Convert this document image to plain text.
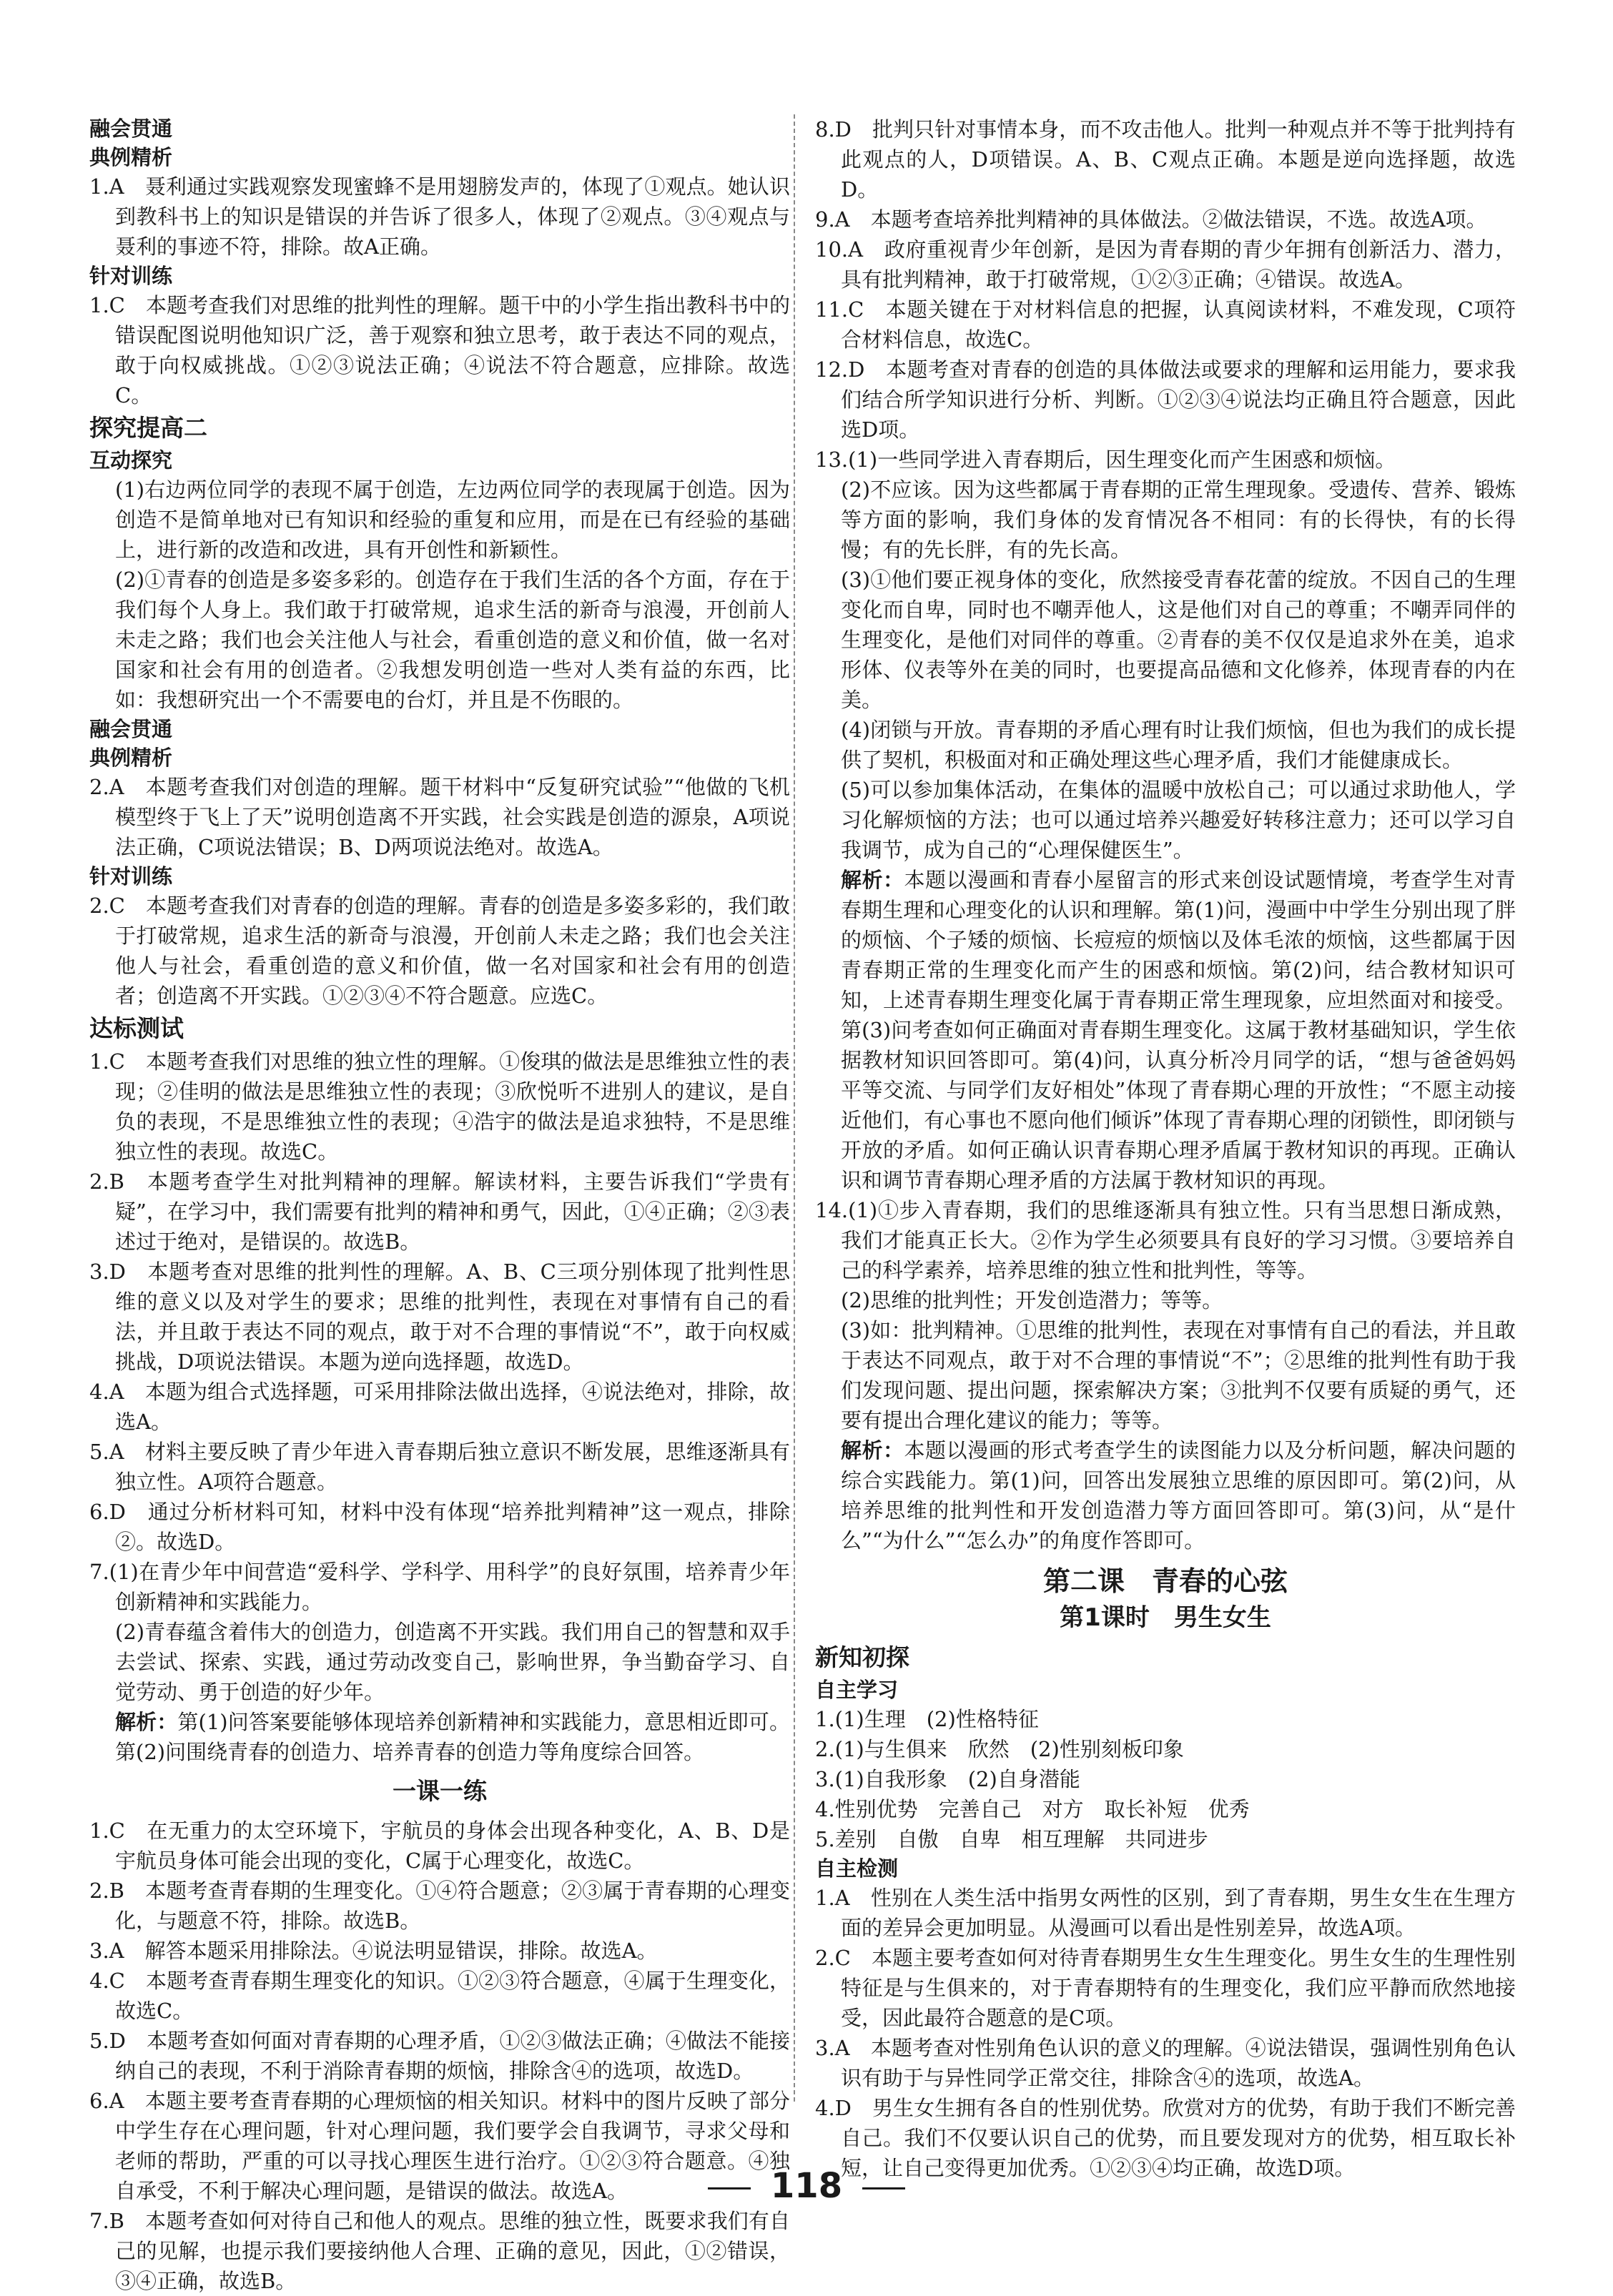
融会贯通

典例精析

1.A　聂利通过实践观察发现蜜蜂不是用翅膀发声的，体现了①观点。她认识到教科书上的知识是错误的并告诉了很多人，体现了②观点。③④观点与聂利的事迹不符，排除。故A正确。

针对训练

1.C　本题考查我们对思维的批判性的理解。题干中的小学生指出教科书中的错误配图说明他知识广泛，善于观察和独立思考，敢于表达不同的观点，敢于向权威挑战。①②③说法正确；④说法不符合题意，应排除。故选C。

探究提高二

互动探究

(1)右边两位同学的表现不属于创造，左边两位同学的表现属于创造。因为创造不是简单地对已有知识和经验的重复和应用，而是在已有经验的基础上，进行新的改造和改进，具有开创性和新颖性。

(2)①青春的创造是多姿多彩的。创造存在于我们生活的各个方面，存在于我们每个人身上。我们敢于打破常规，追求生活的新奇与浪漫，开创前人未走之路；我们也会关注他人与社会，看重创造的意义和价值，做一名对国家和社会有用的创造者。②我想发明创造一些对人类有益的东西，比如：我想研究出一个不需要电的台灯，并且是不伤眼的。

融会贯通

典例精析

2.A　本题考查我们对创造的理解。题干材料中“反复研究试验”“他做的飞机模型终于飞上了天”说明创造离不开实践，社会实践是创造的源泉，A项说法正确，C项说法错误；B、D两项说法绝对。故选A。

针对训练

2.C　本题考查我们对青春的创造的理解。青春的创造是多姿多彩的，我们敢于打破常规，追求生活的新奇与浪漫，开创前人未走之路；我们也会关注他人与社会，看重创造的意义和价值，做一名对国家和社会有用的创造者；创造离不开实践。①②③④不符合题意。应选C。

达标测试

1.C　本题考查我们对思维的独立性的理解。①俊琪的做法是思维独立性的表现；②佳明的做法是思维独立性的表现；③欣悦听不进别人的建议，是自负的表现，不是思维独立性的表现；④浩宇的做法是追求独特，不是思维独立性的表现。故选C。

2.B　本题考查学生对批判精神的理解。解读材料，主要告诉我们“学贵有疑”，在学习中，我们需要有批判的精神和勇气，因此，①④正确；②③表述过于绝对，是错误的。故选B。

3.D　本题考查对思维的批判性的理解。A、B、C三项分别体现了批判性思维的意义以及对学生的要求；思维的批判性，表现在对事情有自己的看法，并且敢于表达不同的观点，敢于对不合理的事情说“不”，敢于向权威挑战，D项说法错误。本题为逆向选择题，故选D。

4.A　本题为组合式选择题，可采用排除法做出选择，④说法绝对，排除，故选A。

5.A　材料主要反映了青少年进入青春期后独立意识不断发展，思维逐渐具有独立性。A项符合题意。

6.D　通过分析材料可知，材料中没有体现“培养批判精神”这一观点，排除②。故选D。

7.(1)在青少年中间营造“爱科学、学科学、用科学”的良好氛围，培养青少年创新精神和实践能力。

(2)青春蕴含着伟大的创造力，创造离不开实践。我们用自己的智慧和双手去尝试、探索、实践，通过劳动改变自己，影响世界，争当勤奋学习、自觉劳动、勇于创造的好少年。

解析：第(1)问答案要能够体现培养创新精神和实践能力，意思相近即可。第(2)问围绕青春的创造力、培养青春的创造力等角度综合回答。

一课一练

1.C　在无重力的太空环境下，宇航员的身体会出现各种变化，A、B、D是宇航员身体可能会出现的变化，C属于心理变化，故选C。

2.B　本题考查青春期的生理变化。①④符合题意；②③属于青春期的心理变化，与题意不符，排除。故选B。

3.A　解答本题采用排除法。④说法明显错误，排除。故选A。

4.C　本题考查青春期生理变化的知识。①②③符合题意，④属于生理变化，故选C。

5.D　本题考查如何面对青春期的心理矛盾，①②③做法正确；④做法不能接纳自己的表现，不利于消除青春期的烦恼，排除含④的选项，故选D。

6.A　本题主要考查青春期的心理烦恼的相关知识。材料中的图片反映了部分中学生存在心理问题，针对心理问题，我们要学会自我调节，寻求父母和老师的帮助，严重的可以寻找心理医生进行治疗。①②③符合题意。④独自承受，不利于解决心理问题，是错误的做法。故选A。

7.B　本题考查如何对待自己和他人的观点。思维的独立性，既要求我们有自己的见解，也提示我们要接纳他人合理、正确的意见，因此，①②错误，③④正确，故选B。

8.D　批判只针对事情本身，而不攻击他人。批判一种观点并不等于批判持有此观点的人，D项错误。A、B、C观点正确。本题是逆向选择题，故选D。

9.A　本题考查培养批判精神的具体做法。②做法错误，不选。故选A项。

10.A　政府重视青少年创新，是因为青春期的青少年拥有创新活力、潜力，具有批判精神，敢于打破常规，①②③正确；④错误。故选A。

11.C　本题关键在于对材料信息的把握，认真阅读材料，不难发现，C项符合材料信息，故选C。

12.D　本题考查对青春的创造的具体做法或要求的理解和运用能力，要求我们结合所学知识进行分析、判断。①②③④说法均正确且符合题意，因此选D项。

13.(1)一些同学进入青春期后，因生理变化而产生困惑和烦恼。

(2)不应该。因为这些都属于青春期的正常生理现象。受遗传、营养、锻炼等方面的影响，我们身体的发育情况各不相同：有的长得快，有的长得慢；有的先长胖，有的先长高。

(3)①他们要正视身体的变化，欣然接受青春花蕾的绽放。不因自己的生理变化而自卑，同时也不嘲弄他人，这是他们对自己的尊重；不嘲弄同伴的生理变化，是他们对同伴的尊重。②青春的美不仅仅是追求外在美，追求形体、仪表等外在美的同时，也要提高品德和文化修养，体现青春的内在美。

(4)闭锁与开放。青春期的矛盾心理有时让我们烦恼，但也为我们的成长提供了契机，积极面对和正确处理这些心理矛盾，我们才能健康成长。

(5)可以参加集体活动，在集体的温暖中放松自己；可以通过求助他人，学习化解烦恼的方法；也可以通过培养兴趣爱好转移注意力；还可以学习自我调节，成为自己的“心理保健医生”。

解析：本题以漫画和青春小屋留言的形式来创设试题情境，考查学生对青春期生理和心理变化的认识和理解。第(1)问，漫画中中学生分别出现了胖的烦恼、个子矮的烦恼、长痘痘的烦恼以及体毛浓的烦恼，这些都属于因青春期正常的生理变化而产生的困惑和烦恼。第(2)问，结合教材知识可知，上述青春期生理变化属于青春期正常生理现象，应坦然面对和接受。第(3)问考查如何正确面对青春期生理变化。这属于教材基础知识，学生依据教材知识回答即可。第(4)问，认真分析冷月同学的话，“想与爸爸妈妈平等交流、与同学们友好相处”体现了青春期心理的开放性；“不愿主动接近他们，有心事也不愿向他们倾诉”体现了青春期心理的闭锁性，即闭锁与开放的矛盾。如何正确认识青春期心理矛盾属于教材知识的再现。正确认识和调节青春期心理矛盾的方法属于教材知识的再现。

14.(1)①步入青春期，我们的思维逐渐具有独立性。只有当思想日渐成熟，我们才能真正长大。②作为学生必须要具有良好的学习习惯。③要培养自己的科学素养，培养思维的独立性和批判性，等等。

(2)思维的批判性；开发创造潜力；等等。

(3)如：批判精神。①思维的批判性，表现在对事情有自己的看法，并且敢于表达不同观点，敢于对不合理的事情说“不”；②思维的批判性有助于我们发现问题、提出问题，探索解决方案；③批判不仅要有质疑的勇气，还要有提出合理化建议的能力；等等。

解析：本题以漫画的形式考查学生的读图能力以及分析问题，解决问题的综合实践能力。第(1)问，回答出发展独立思维的原因即可。第(2)问，从培养思维的批判性和开发创造潜力等方面回答即可。第(3)问，从“是什么”“为什么”“怎么办”的角度作答即可。

第二课　青春的心弦

第1课时　男生女生

新知初探

自主学习

1.(1)生理　(2)性格特征

2.(1)与生俱来　欣然　(2)性别刻板印象

3.(1)自我形象　(2)自身潜能

4.性别优势　完善自己　对方　取长补短　优秀

5.差别　自傲　自卑　相互理解　共同进步

自主检测

1.A　性别在人类生活中指男女两性的区别，到了青春期，男生女生在生理方面的差异会更加明显。从漫画可以看出是性别差异，故选A项。

2.C　本题主要考查如何对待青春期男生女生生理变化。男生女生的生理性别特征是与生俱来的，对于青春期特有的生理变化，我们应平静而欣然地接受，因此最符合题意的是C项。

3.A　本题考查对性别角色认识的意义的理解。④说法错误，强调性别角色认识有助于与异性同学正常交往，排除含④的选项，故选A。

4.D　男生女生拥有各自的性别优势。欣赏对方的优势，有助于我们不断完善自己。我们不仅要认识自己的优势，而且要发现对方的优势，相互取长补短，让自己变得更加优秀。①②③④均正确，故选D项。

118
